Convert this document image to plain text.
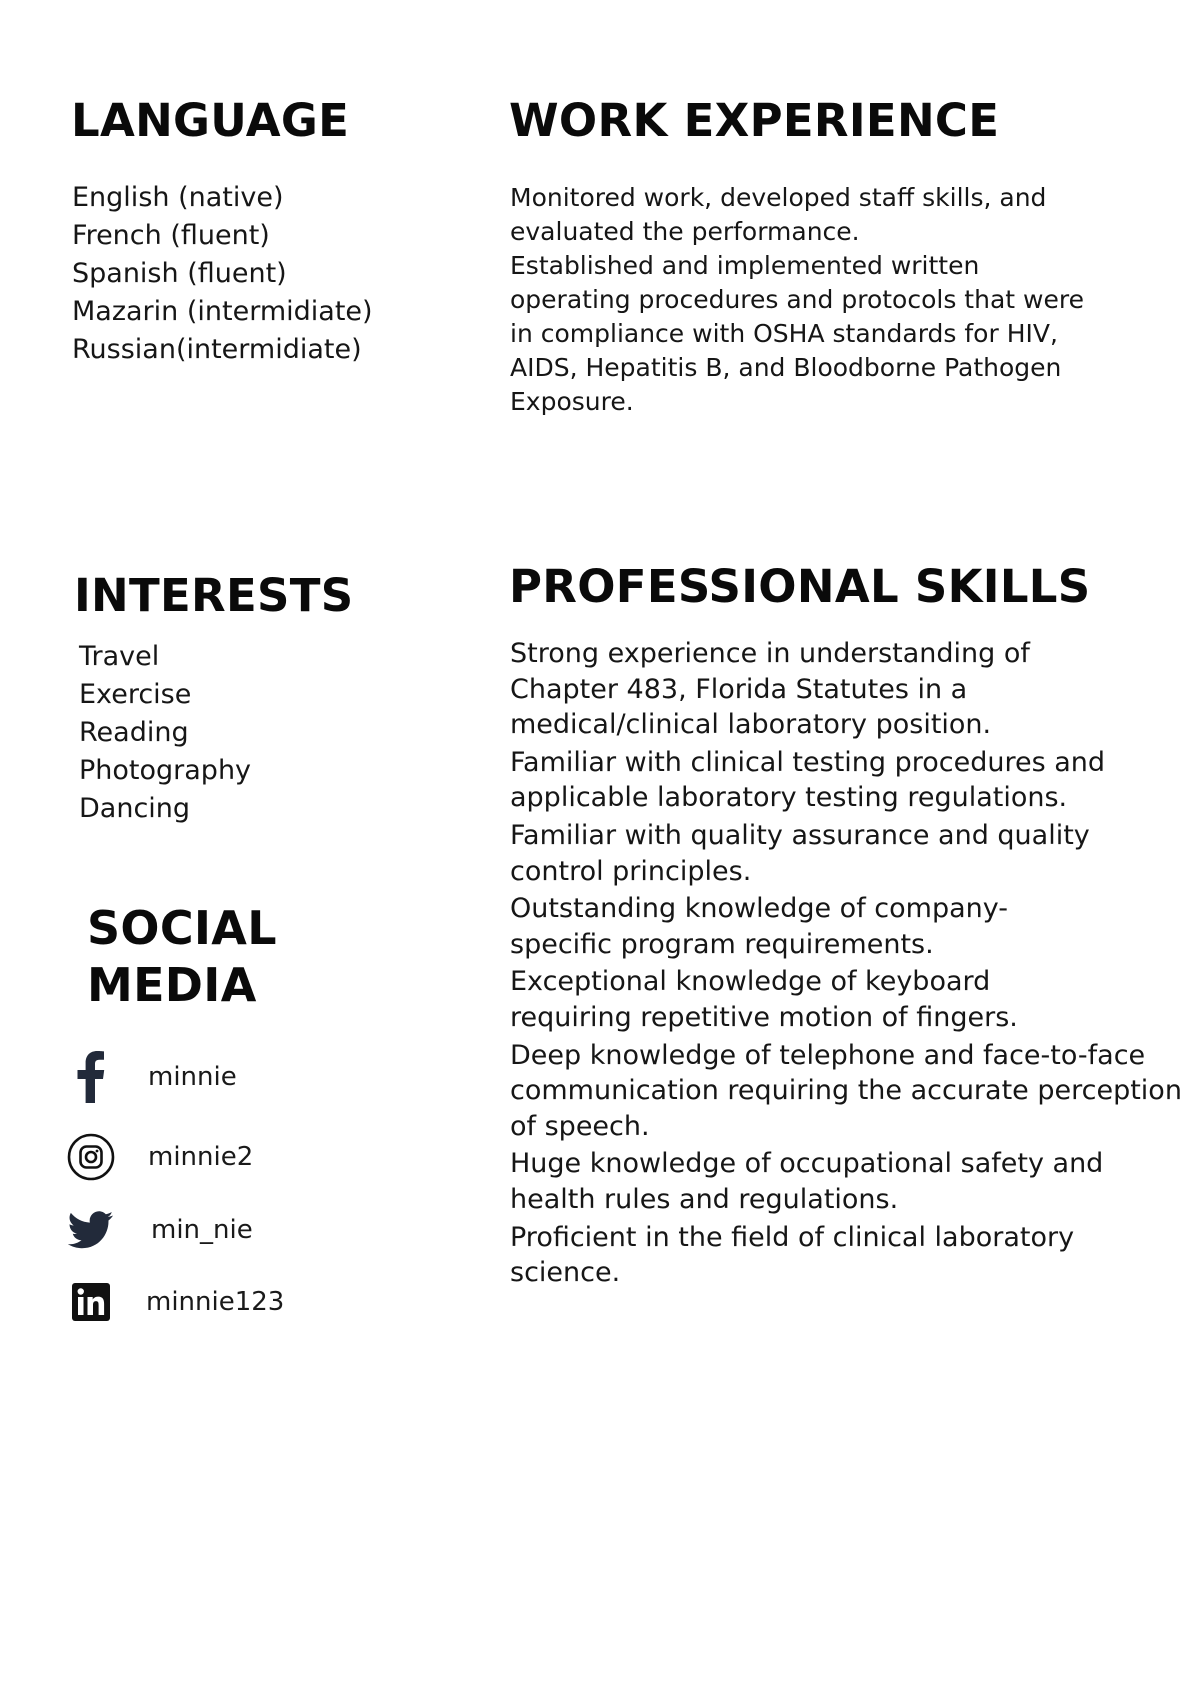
LANGUAGE
English (native)
French (fluent)
Spanish (fluent)
Mazarin (intermidiate)
Russian(intermidiate)
WORK EXPERIENCE

Monitored work, developed staff skills, and evaluated the performance.

Established and implemented written operating procedures and protocols that were in compliance with OSHA standards for HIV, AIDS, Hepatitis B, and Bloodborne Pathogen Exposure.

INTERESTS
Travel
Exercise
Reading
Photography
Dancing
PROFESSIONAL SKILLS

Strong experience in understanding of Chapter 483, Florida Statutes in a medical/clinical laboratory position.

Familiar with clinical testing procedures and applicable laboratory testing regulations.

Familiar with quality assurance and quality control principles.

Outstanding knowledge of company-specific program requirements.

Exceptional knowledge of keyboard requiring repetitive motion of fingers.

Deep knowledge of telephone and face-to-face communication requiring the accurate perception of speech.

Huge knowledge of occupational safety and health rules and regulations.

Proficient in the field of clinical laboratory science.

SOCIAL
MEDIA
minnie
minnie2
min_nie
minnie123
